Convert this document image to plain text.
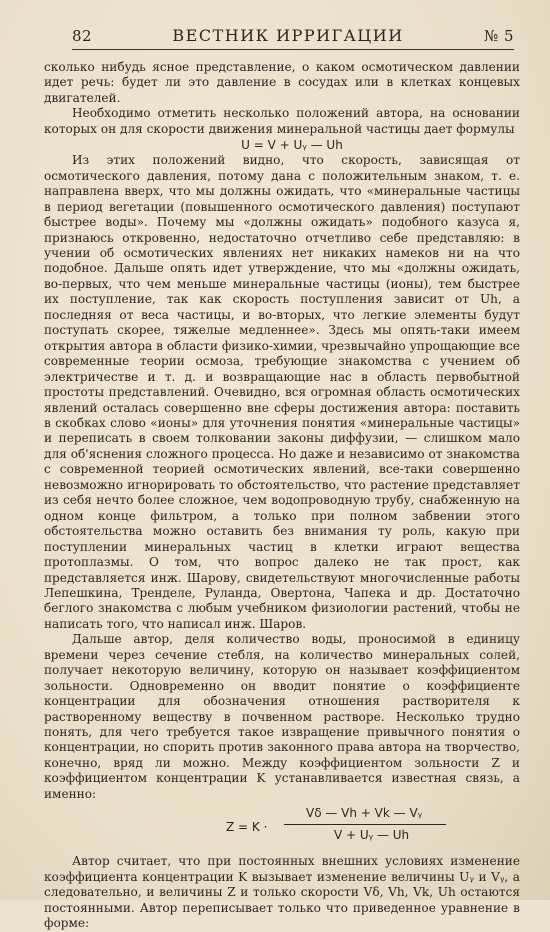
82	ВЕСТНИК ИРРИГАЦИИ	№ 5

сколько нибудь ясное представление, о каком осмотическом давлении идет речь: будет ли это давление в сосудах или в клетках концевых двигателей.

Необходимо отметить несколько положений автора, на основании которых он для скорости движения минеральной частицы дает формулы

U = V + Uᵧ — Uh

Из этих положений видно, что скорость, зависящая от осмотического давления, потому дана с положительным знаком, т. е. направлена вверх, что мы должны ожидать, что «минеральные частицы в период вегетации (повышенного осмотического давления) поступают быстрее воды». Почему мы «должны ожидать» подобного казуса я, признаюсь откровенно, недостаточно отчетливо себе представляю: в учении об осмотических явлениях нет никаких намеков ни на что подобное. Дальше опять идет утверждение, что мы «должны ожидать, во-первых, что чем меньше минеральные частицы (ионы), тем быстрее их поступление, так как скорость поступления зависит от Uh, а последняя от веса частицы, и во-вторых, что легкие элементы будут поступать скорее, тяжелые медленнее». Здесь мы опять-таки имеем открытия автора в области физико-химии, чрезвычайно упрощающие все современные теории осмоза, требующие знакомства с учением об электричестве и т. д. и возвращающие нас в область первобытной простоты представлений. Очевидно, вся огромная область осмотических явлений осталась совершенно вне сферы достижения автора: поставить в скобках слово «ионы» для уточнения понятия «минеральные частицы» и переписать в своем толковании законы диффузии, — слишком мало для об'яснения сложного процесса. Но даже и независимо от знакомства с современной теорией осмотических явлений, все-таки совершенно невозможно игнорировать то обстоятельство, что растение представляет из себя нечто более сложное, чем водопроводную трубу, снабженную на одном конце фильтром, а только при полном забвении этого обстоятельства можно оставить без внимания ту роль, какую при поступлении минеральных частиц в клетки играют вещества протоплазмы. О том, что вопрос далеко не так прост, как представляется инж. Шарову, свидетельствуют многочисленные работы Лепешкина, Тренделе, Руланда, Овертона, Чапека и др. Достаточно беглого знакомства с любым учебником физиологии растений, чтобы не написать того, что написал инж. Шаров.

Дальше автор, деля количество воды, проносимой в единицу времени через сечение стебля, на количество минеральных солей, получает некоторую величину, которую он называет коэффициентом зольности. Одновременно он вводит понятие о коэффициенте концентрации для обозначения отношения растворителя к растворенному веществу в почвенном растворе. Несколько трудно понять, для чего требуется такое извращение привычного понятия о концентрации, но спорить против законного права автора на творчество, конечно, вряд ли можно. Между коэффициентом зольности Z и коэффициентом концентрации K устанавливается известная связь, а именно:

Z = K ·
Vδ — Vh + Vk — Vᵧ
V + Uᵧ — Uh

Автор считает, что при постоянных внешних условиях изменение коэффициента концентрации K вызывает изменение величины Uᵧ и Vᵧ, а следовательно, и величины Z и только скорости Vδ, Vh, Vk, Uh остаются постоянными. Автор переписывает только что приведенное уравнение в форме:
